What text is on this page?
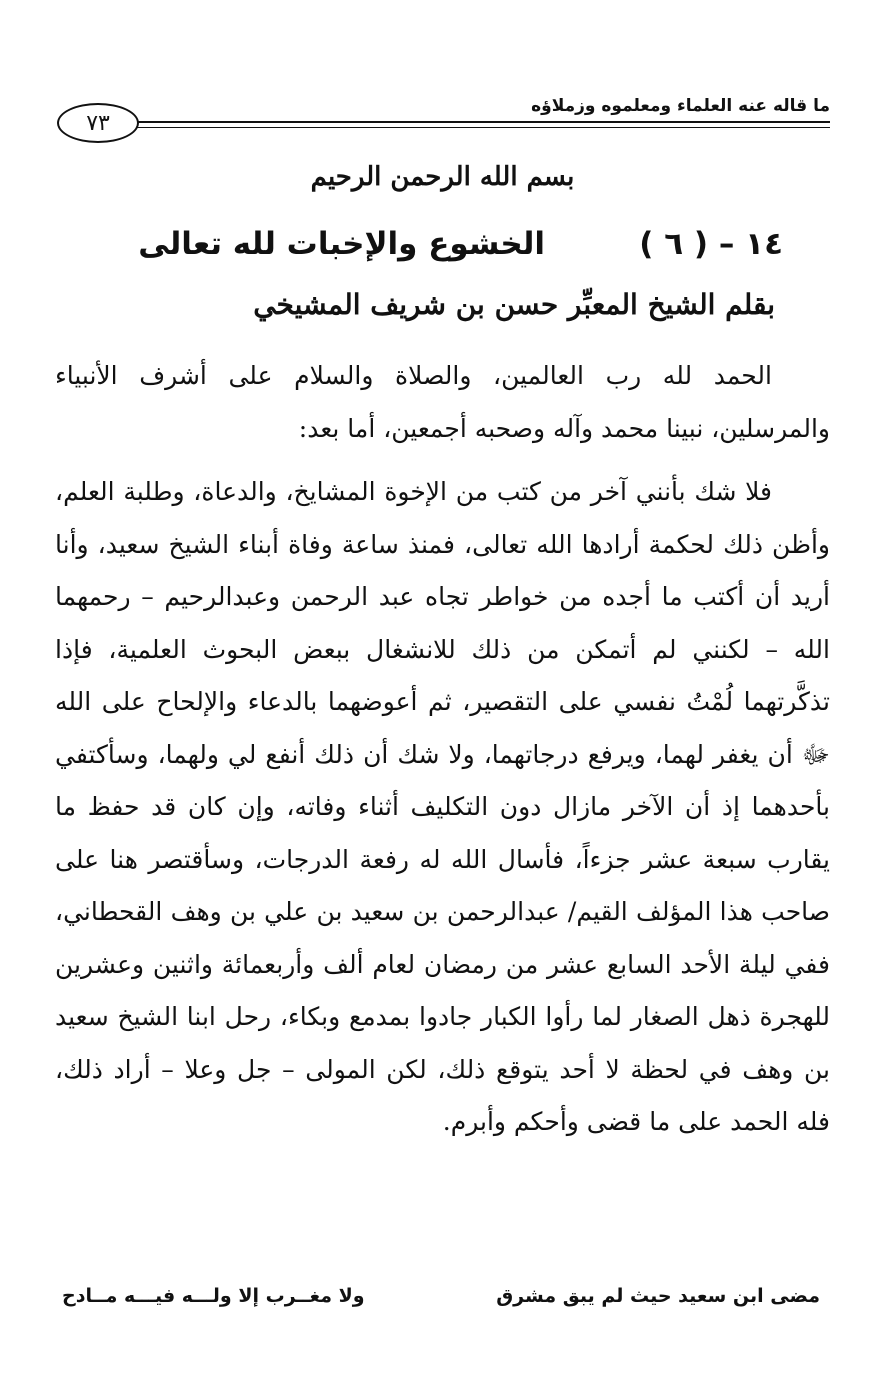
ما قاله عنه العلماء ومعلموه وزملاؤه
٧٣
بسم الله الرحمن الرحيم
١٤ – ( ٦ )
الخشوع والإخبات لله تعالى
بقلم الشيخ المعبِّر حسن بن شريف المشيخي

الحمد لله رب العالمين، والصلاة والسلام على أشرف الأنبياء والمرسلين، نبينا محمد وآله وصحبه أجمعين، أما بعد:

فلا شك بأنني آخر من كتب من الإخوة المشايخ، والدعاة، وطلبة العلم، وأظن ذلك لحكمة أرادها الله تعالى، فمنذ ساعة وفاة أبناء الشيخ سعيد، وأنا أريد أن أكتب ما أجده من خواطر تجاه عبد الرحمن وعبدالرحيم – رحمهما الله – لكنني لم أتمكن من ذلك للانشغال ببعض البحوث العلمية، فإذا تذكَّرتهما لُمْتُ نفسي على التقصير، ثم أعوضهما بالدعاء والإلحاح على الله ﷻ أن يغفر لهما، ويرفع درجاتهما، ولا شك أن ذلك أنفع لي ولهما، وسأكتفي بأحدهما إذ أن الآخر مازال دون التكليف أثناء وفاته، وإن كان قد حفظ ما يقارب سبعة عشر جزءاً، فأسال الله له رفعة الدرجات، وسأقتصر هنا على صاحب هذا المؤلف القيم/ عبدالرحمن بن سعيد بن علي بن وهف القحطاني، ففي ليلة الأحد السابع عشر من رمضان لعام ألف وأربعمائة واثنين وعشرين للهجرة ذهل الصغار لما رأوا الكبار جادوا بمدمع وبكاء، رحل ابنا الشيخ سعيد بن وهف في لحظة لا أحد يتوقع ذلك، لكن المولى – جل وعلا – أراد ذلك، فله الحمد على ما قضى وأحكم وأبرم.

مضى ابن سعيد حيث لم يبق مشرق
ولا مغــرب إلا ولـــه فيـــه مــادح
